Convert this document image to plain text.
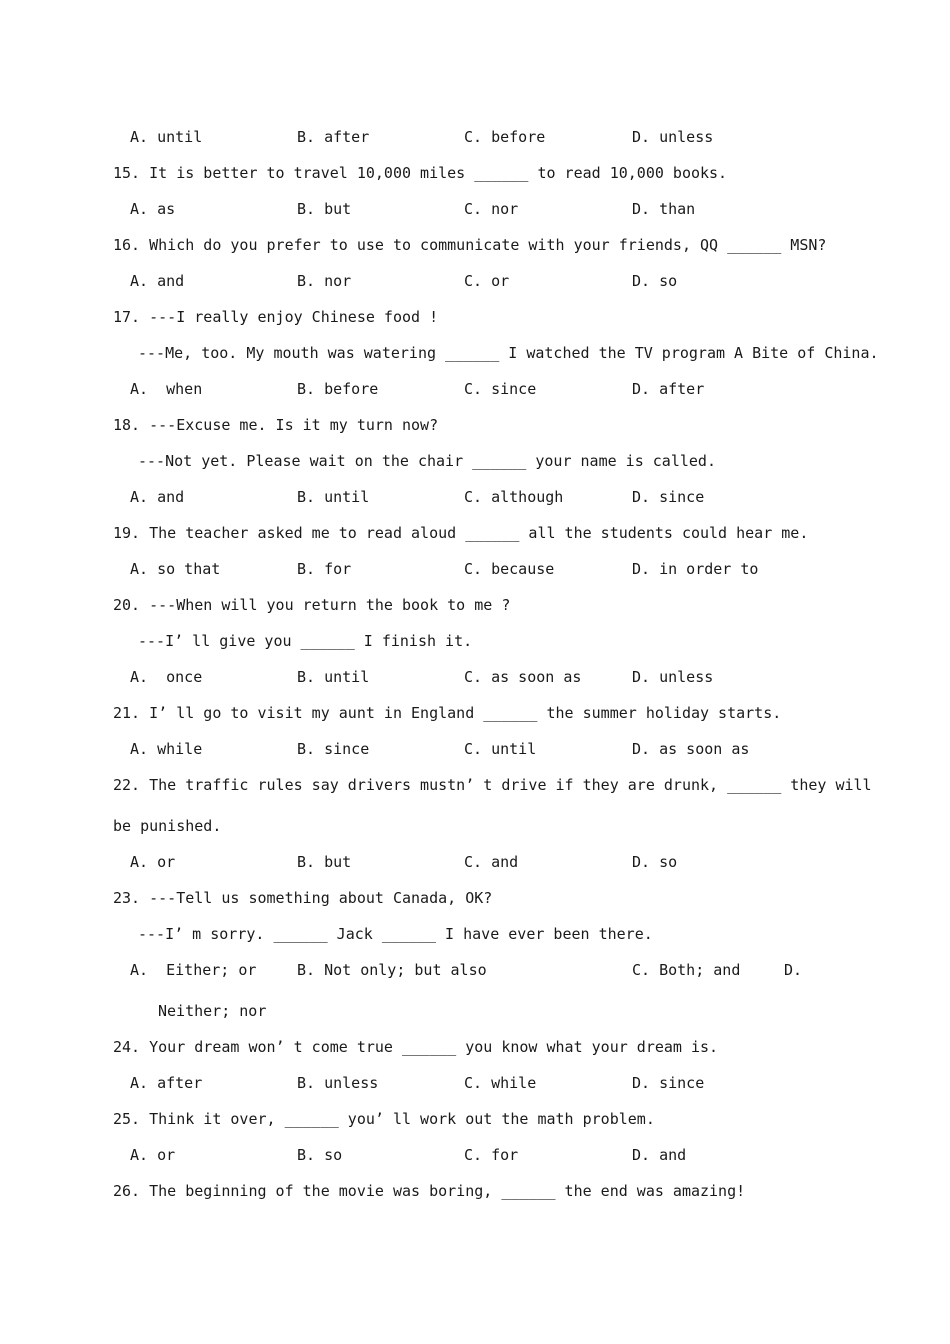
A. until	B. after	C. before	D. unless
15. It is better to travel 10,000 miles ______ to read 10,000 books.
A. as	B. but	C. nor	D. than
16. Which do you prefer to use to communicate with your friends, QQ ______ MSN?
A. and	B. nor	C. or	D. so
17. ---I really enjoy Chinese food !
---Me, too. My mouth was watering ______ I watched the TV program A Bite of China.
A.  when	B. before	C. since	D. after
18. ---Excuse me. Is it my turn now?
---Not yet. Please wait on the chair ______ your name is called.
A. and	B. until	C. although	D. since
19. The teacher asked me to read aloud ______ all the students could hear me.
A. so that	B. for	C. because	D. in order to
20. ---When will you return the book to me ?
---I’ ll give you ______ I finish it.
A.  once	B. until	C. as soon as	D. unless
21. I’ ll go to visit my aunt in England ______ the summer holiday starts.
A. while	B. since	C. until	D. as soon as
22. The traffic rules say drivers mustn’ t drive if they are drunk, ______ they will
be punished.
A. or	B. but	C. and	D. so
23. ---Tell us something about Canada, OK?
---I’ m sorry. ______ Jack ______ I have ever been there.
A.  Either; or	B. Not only; but also	C. Both; and	D.
Neither; nor
24. Your dream won’ t come true ______ you know what your dream is.
A. after	B. unless	C. while	D. since
25. Think it over, ______ you’ ll work out the math problem.
A. or	B. so	C. for	D. and
26. The beginning of the movie was boring, ______ the end was amazing!
